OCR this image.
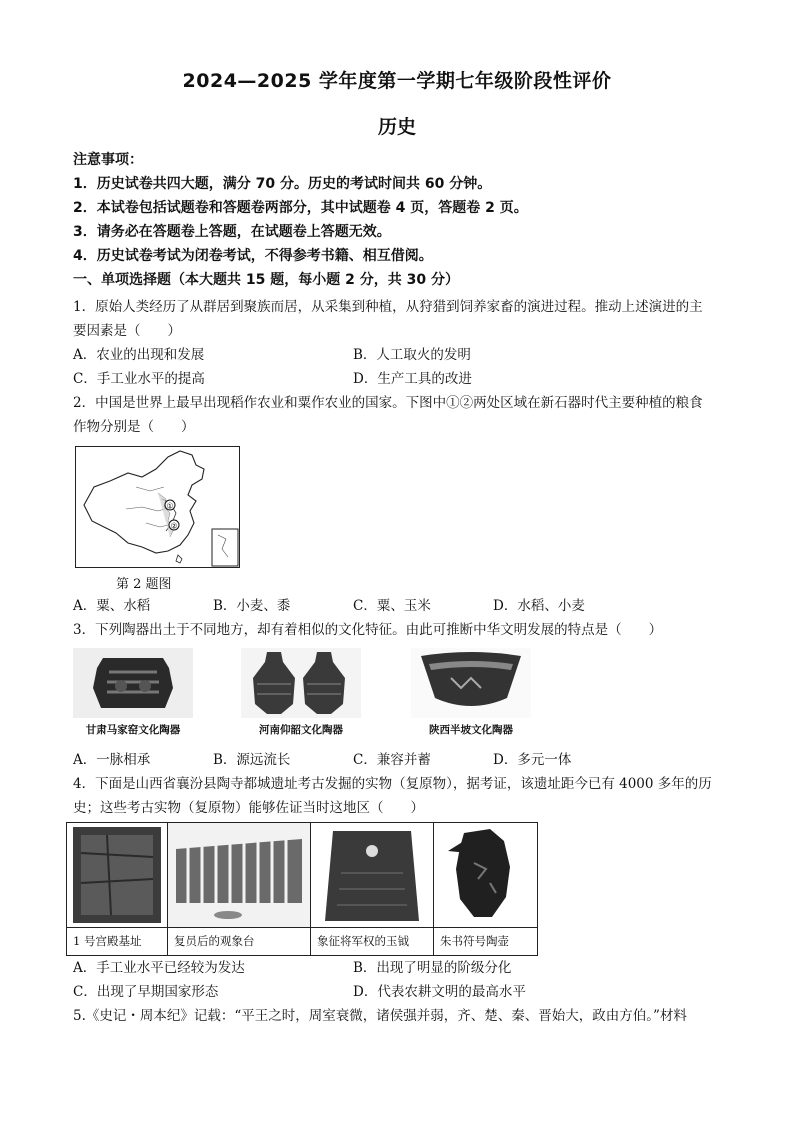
2024—2025 学年度第一学期七年级阶段性评价
历史
注意事项：
1．历史试卷共四大题，满分 70 分。历史的考试时间共 60 分钟。
2．本试卷包括试题卷和答题卷两部分，其中试题卷 4 页，答题卷 2 页。
3．请务必在答题卷上答题，在试题卷上答题无效。
4．历史试卷考试为闭卷考试，不得参考书籍、相互借阅。
一、单项选择题（本大题共 15 题，每小题 2 分，共 30 分）
1．原始人类经历了从群居到聚族而居，从采集到种植，从狩猎到饲养家畜的演进过程。推动上述演进的主
要因素是（　　）
A．农业的出现和发展	B．人工取火的发明
C．手工业水平的提高	D．生产工具的改进
2．中国是世界上最早出现稻作农业和粟作农业的国家。下图中①②两处区域在新石器时代主要种植的粮食
作物分别是（　　）
①
②
第 2 题图
A．粟、水稻	B．小麦、黍	C．粟、玉米	D．水稻、小麦
3．下列陶器出土于不同地方，却有着相似的文化特征。由此可推断中华文明发展的特点是（　　）
甘肃马家窑文化陶器	河南仰韶文化陶器	陕西半坡文化陶器
A．一脉相承	B．源远流长	C．兼容并蓄	D．多元一体
4．下面是山西省襄汾县陶寺都城遗址考古发掘的实物（复原物），据考证，该遗址距今已有 4000 多年的历
史；这些考古实物（复原物）能够佐证当时这地区（　　）
1 号宫殿基址	复员后的观象台	象征将军权的玉钺	朱书符号陶壶
A．手工业水平已经较为发达	B．出现了明显的阶级分化
C．出现了早期国家形态	D．代表农耕文明的最高水平
5.《史记・周本纪》记载：“平王之时，周室衰微，诸侯强并弱，齐、楚、秦、晋始大，政由方伯。”材料
